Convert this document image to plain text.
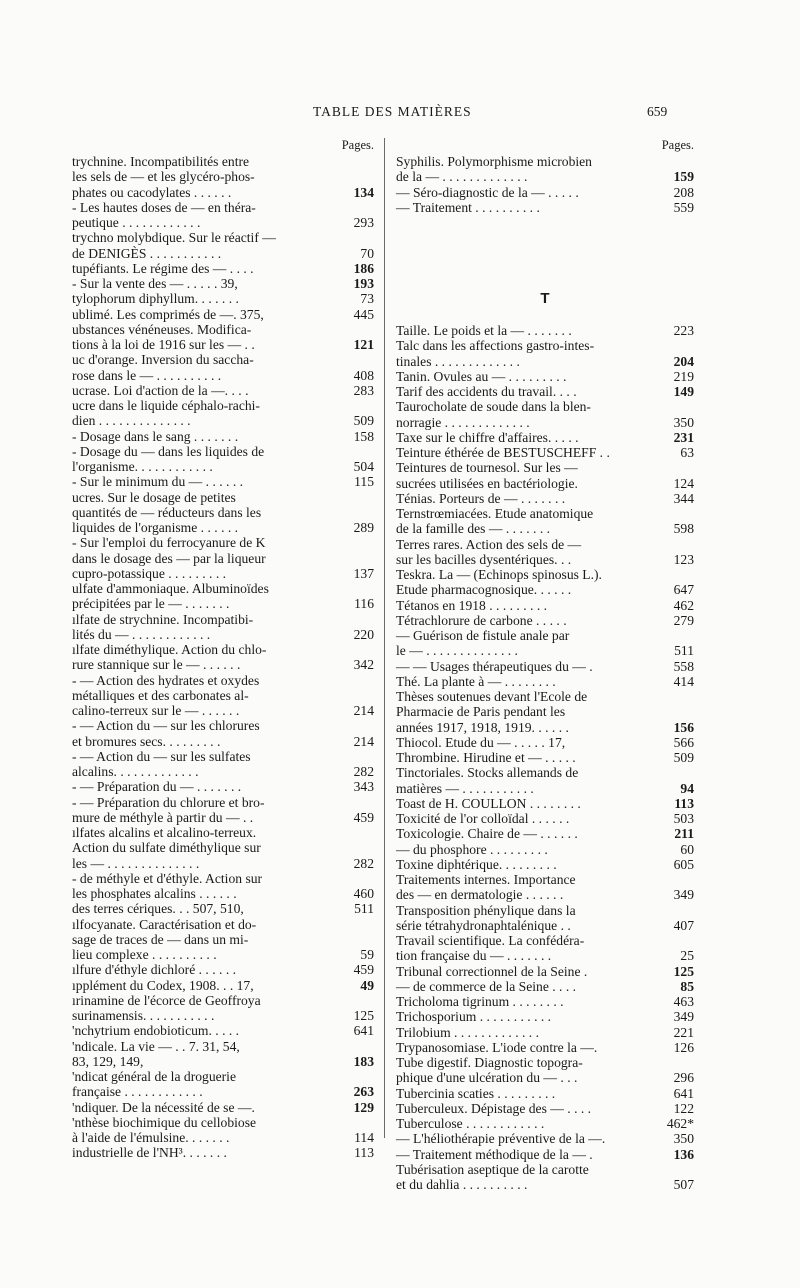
TABLE DES MATIÈRES	659
Pages.
trychnine. Incompatibilités entre
les sels de — et les glycéro-phos-
phates ou cacodylates . . . . . .	134
- Les hautes doses de — en théra-
peutique . . . . . . . . . . . .	293
trychno molybdique. Sur le réactif —
de DENIGÈS . . . . . . . . . . .	70
tupéfiants. Le régime des — . . . .	186
- Sur la vente des — . . . . . 39,	193
tylophorum diphyllum. . . . . . .	73
ublimé. Les comprimés de —. 375,	445
ubstances vénéneuses. Modifica-
tions à la loi de 1916 sur les — . .	121
uc d'orange. Inversion du saccha-
rose dans le — . . . . . . . . . .	408
ucrase. Loi d'action de la —. . . .	283
ucre dans le liquide céphalo-rachi-
dien . . . . . . . . . . . . . .	509
- Dosage dans le sang . . . . . . .	158
- Dosage du — dans les liquides de
l'organisme. . . . . . . . . . . .	504
- Sur le minimum du — . . . . . .	115
ucres. Sur le dosage de petites
quantités de — réducteurs dans les
liquides de l'organisme . . . . . .	289
- Sur l'emploi du ferrocyanure de K
dans le dosage des — par la liqueur
cupro-potassique . . . . . . . . .	137
ulfate d'ammoniaque. Albuminoïdes
précipitées par le — . . . . . . .	116
ılfate de strychnine. Incompatibi-
lités du — . . . . . . . . . . . .	220
ılfate diméthylique. Action du chlo-
rure stannique sur le — . . . . . .	342
- — Action des hydrates et oxydes
métalliques et des carbonates al-
calino-terreux sur le — . . . . . .	214
- — Action du — sur les chlorures
et bromures secs. . . . . . . . .	214
- — Action du — sur les sulfates
alcalins. . . . . . . . . . . . .	282
- — Préparation du — . . . . . . .	343
- — Préparation du chlorure et bro-
mure de méthyle à partir du — . .	459
ılfates alcalins et alcalino-terreux.
Action du sulfate diméthylique sur
les — . . . . . . . . . . . . . .	282
- de méthyle et d'éthyle. Action sur
les phosphates alcalins . . . . . .	460
des terres cériques. . . 507, 510,	511
ılfocyanate. Caractérisation et do-
sage de traces de — dans un mi-
lieu complexe . . . . . . . . . .	59
ılfure d'éthyle dichloré . . . . . .	459
ıpplément du Codex, 1908. . . 17,	49
ırinamine de l'écorce de Geoffroya
surinamensis. . . . . . . . . . .	125
'nchytrium endobioticum. . . . .	641
'ndicale. La vie — . . 7. 31, 54,
83, 129, 149,	183
'ndicat général de la droguerie
française . . . . . . . . . . . .	263
'ndiquer. De la nécessité de se —.	129
'nthèse biochimique du cellobiose
à l'aide de l'émulsine. . . . . . .	114
industrielle de l'NH³. . . . . . .	113
Pages.
Syphilis. Polymorphisme microbien
de la — . . . . . . . . . . . . .	159
— Séro-diagnostic de la — . . . . .	208
— Traitement . . . . . . . . . .	559
T
Taille. Le poids et la — . . . . . . .	223
Talc dans les affections gastro-intes-
tinales . . . . . . . . . . . . .	204
Tanin. Ovules au — . . . . . . . . .	219
Tarif des accidents du travail. . . .	149
Taurocholate de soude dans la blen-
norragie . . . . . . . . . . . . .	350
Taxe sur le chiffre d'affaires. . . . .	231
Teinture éthérée de BESTUSCHEFF . .	63
Teintures de tournesol. Sur les —
sucrées utilisées en bactériologie.	124
Ténias. Porteurs de — . . . . . . .	344
Ternstrœmiacées. Etude anatomique
de la famille des — . . . . . . .	598
Terres rares. Action des sels de —
sur les bacilles dysentériques. . .	123
Teskra. La — (Echinops spinosus L.).
Etude pharmacognosique. . . . . .	647
Tétanos en 1918 . . . . . . . . .	462
Tétrachlorure de carbone . . . . .	279
— Guérison de fistule anale par
le — . . . . . . . . . . . . . .	511
— — Usages thérapeutiques du — .	558
Thé. La plante à — . . . . . . . .	414
Thèses soutenues devant l'Ecole de
Pharmacie de Paris pendant les
années 1917, 1918, 1919. . . . . .	156
Thiocol. Etude du — . . . . . 17,	566
Thrombine. Hirudine et — . . . . .	509
Tinctoriales. Stocks allemands de
matières — . . . . . . . . . . .	94
Toast de H. COULLON . . . . . . . .	113
Toxicité de l'or colloïdal . . . . . .	503
Toxicologie. Chaire de — . . . . . .	211
— du phosphore . . . . . . . . .	60
Toxine diphtérique. . . . . . . . .	605
Traitements internes. Importance
des — en dermatologie . . . . . .	349
Transposition phénylique dans la
série tétrahydronaphtalénique . .	407
Travail scientifique. La confédéra-
tion française du — . . . . . . .	25
Tribunal correctionnel de la Seine .	125
— de commerce de la Seine . . . .	85
Tricholoma tigrinum . . . . . . . .	463
Trichosporium . . . . . . . . . . .	349
Trilobium . . . . . . . . . . . . .	221
Trypanosomiase. L'iode contre la —.	126
Tube digestif. Diagnostic topogra-
phique d'une ulcération du — . . .	296
Tubercinia scaties . . . . . . . . .	641
Tuberculeux. Dépistage des — . . . .	122
Tuberculose . . . . . . . . . . . .	462*
— L'héliothérapie préventive de la —.	350
— Traitement méthodique de la — .	136
Tubérisation aseptique de la carotte
et du dahlia . . . . . . . . . .	507
